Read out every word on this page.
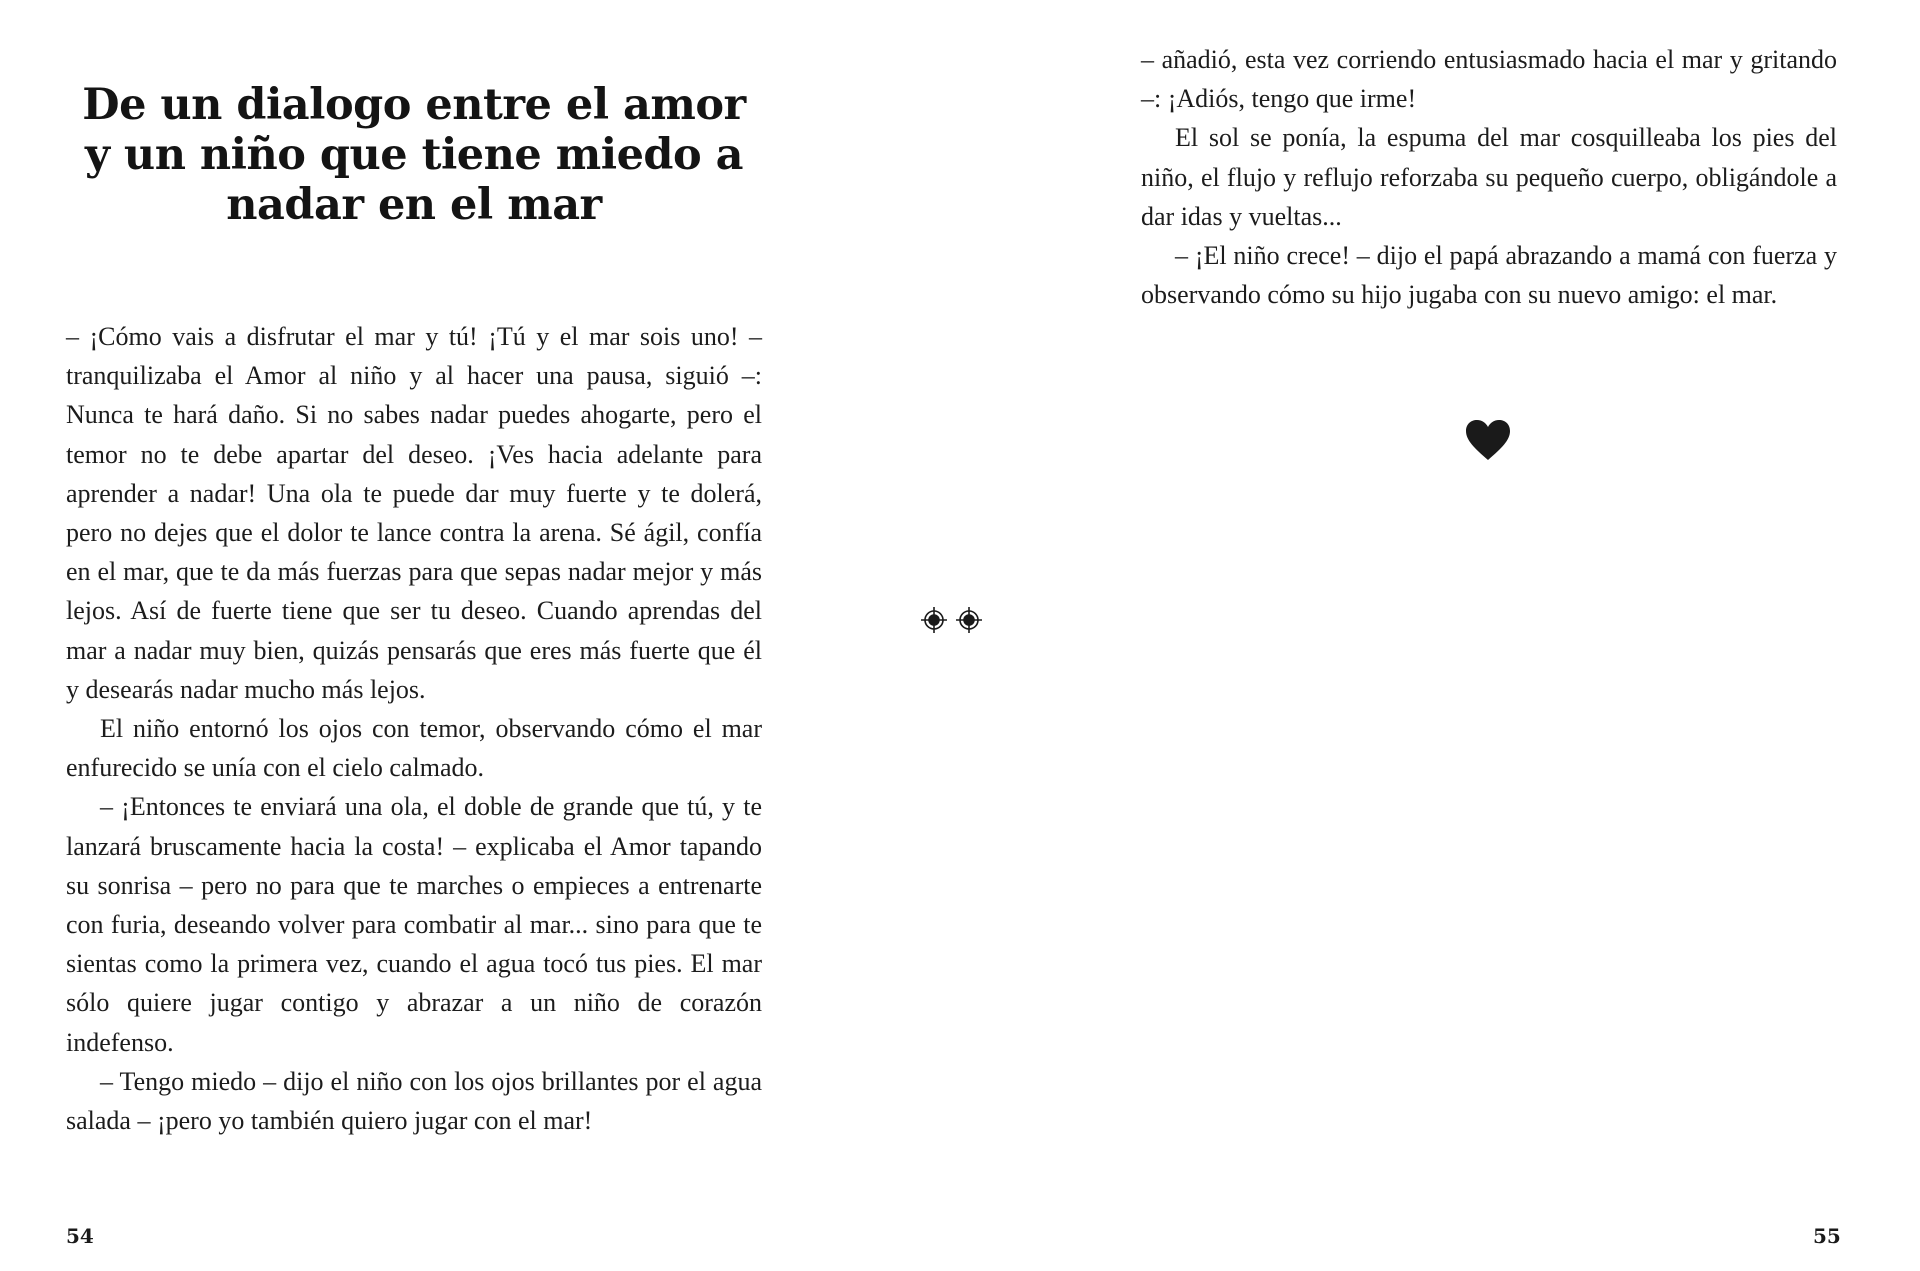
De un dialogo entre el amor y un niño que tiene miedo a nadar en el mar

– ¡Cómo vais a disfrutar el mar y tú! ¡Tú y el mar sois uno! – tranquilizaba el Amor al niño y al hacer una pausa, siguió –: Nunca te hará daño. Si no sabes nadar puedes ahogarte, pero el temor no te debe apartar del deseo. ¡Ves hacia adelante para aprender a nadar! Una ola te puede dar muy fuerte y te dolerá, pero no dejes que el dolor te lance contra la arena. Sé ágil, confía en el mar, que te da más fuerzas para que sepas nadar mejor y más lejos. Así de fuerte tiene que ser tu deseo. Cuando aprendas del mar a nadar muy bien, quizás pensarás que eres más fuerte que él y desearás nadar mucho más lejos.

El niño entornó los ojos con temor, observando cómo el mar enfurecido se unía con el cielo calmado.

– ¡Entonces te enviará una ola, el doble de grande que tú, y te lanzará bruscamente hacia la costa! – explicaba el Amor tapando su sonrisa – pero no para que te marches o empieces a entrenarte con furia, deseando volver para combatir al mar... sino para que te sientas como la primera vez, cuando el agua tocó tus pies. El mar sólo quiere jugar contigo y abrazar a un niño de corazón indefenso.

– Tengo miedo – dijo el niño con los ojos brillantes por el agua salada – ¡pero yo también quiero jugar con el mar!

54

– añadió, esta vez corriendo entusiasmado hacia el mar y gritando –: ¡Adiós, tengo que irme!

El sol se ponía, la espuma del mar cosquilleaba los pies del niño, el flujo y reflujo reforzaba su pequeño cuerpo, obligándole a dar idas y vueltas...

– ¡El niño crece! – dijo el papá abrazando a mamá con fuerza y observando cómo su hijo jugaba con su nuevo amigo: el mar.

55
